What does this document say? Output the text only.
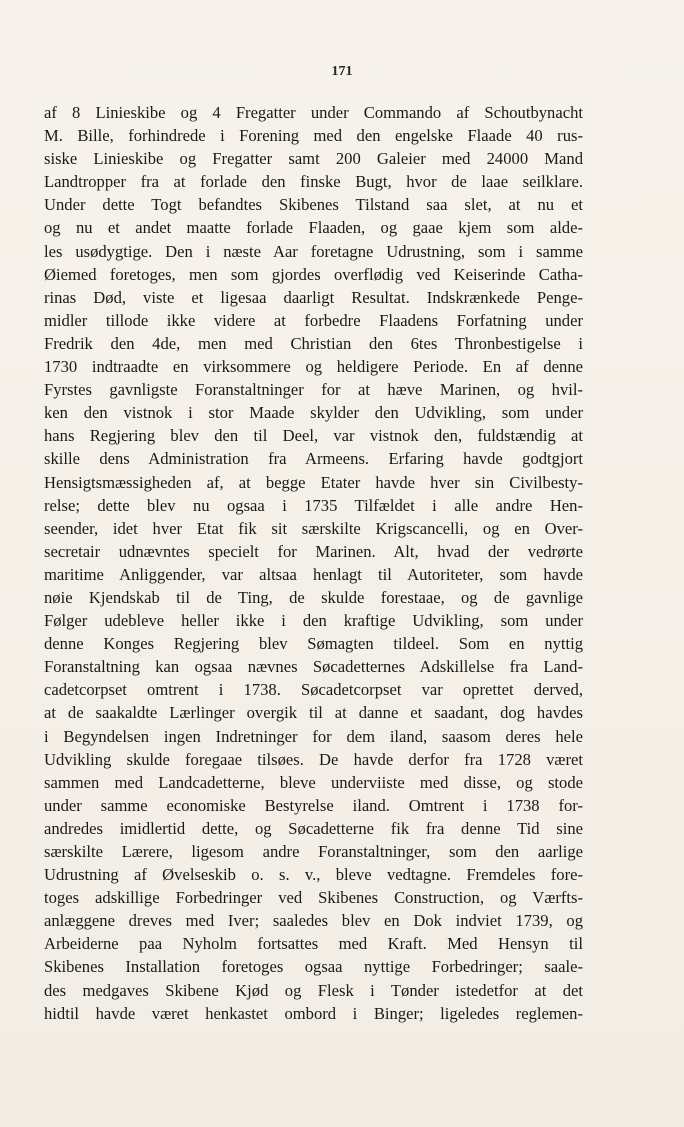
171
af 8 Linieskibe og 4 Fregatter under Commando af Schoutbynacht
M. Bille, forhindrede i Forening med den engelske Flaade 40 rus-
siske Linieskibe og Fregatter samt 200 Galeier med 24000 Mand
Landtropper fra at forlade den finske Bugt, hvor de laae seilklare.
Under dette Togt befandtes Skibenes Tilstand saa slet, at nu et
og nu et andet maatte forlade Flaaden, og gaae kjem som alde-
les usødygtige. Den i næste Aar foretagne Udrustning, som i samme
Øiemed foretoges, men som gjordes overflødig ved Keiserinde Catha-
rinas Død, viste et ligesaa daarligt Resultat. Indskrænkede Penge-
midler tillode ikke videre at forbedre Flaadens Forfatning under
Fredrik den 4de, men med Christian den 6tes Thronbestigelse i
1730 indtraadte en virksommere og heldigere Periode. En af denne
Fyrstes gavnligste Foranstaltninger for at hæve Marinen, og hvil-
ken den vistnok i stor Maade skylder den Udvikling, som under
hans Regjering blev den til Deel, var vistnok den, fuldstændig at
skille dens Administration fra Armeens. Erfaring havde godtgjort
Hensigtsmæssigheden af, at begge Etater havde hver sin Civilbesty-
relse; dette blev nu ogsaa i 1735 Tilfældet i alle andre Hen-
seender, idet hver Etat fik sit særskilte Krigscancelli, og en Over-
secretair udnævntes specielt for Marinen. Alt, hvad der vedrørte
maritime Anliggender, var altsaa henlagt til Autoriteter, som havde
nøie Kjendskab til de Ting, de skulde forestaae, og de gavnlige
Følger udebleve heller ikke i den kraftige Udvikling, som under
denne Konges Regjering blev Sømagten tildeel. Som en nyttig
Foranstaltning kan ogsaa nævnes Søcadetternes Adskillelse fra Land-
cadetcorpset omtrent i 1738. Søcadetcorpset var oprettet derved,
at de saakaldte Lærlinger overgik til at danne et saadant, dog havdes
i Begyndelsen ingen Indretninger for dem iland, saasom deres hele
Udvikling skulde foregaae tilsøes. De havde derfor fra 1728 været
sammen med Landcadetterne, bleve underviiste med disse, og stode
under samme economiske Bestyrelse iland. Omtrent i 1738 for-
andredes imidlertid dette, og Søcadetterne fik fra denne Tid sine
særskilte Lærere, ligesom andre Foranstaltninger, som den aarlige
Udrustning af Øvelseskib o. s. v., bleve vedtagne. Fremdeles fore-
toges adskillige Forbedringer ved Skibenes Construction, og Værfts-
anlæggene dreves med Iver; saaledes blev en Dok indviet 1739, og
Arbeiderne paa Nyholm fortsattes med Kraft. Med Hensyn til
Skibenes Installation foretoges ogsaa nyttige Forbedringer; saale-
des medgaves Skibene Kjød og Flesk i Tønder istedetfor at det
hidtil havde været henkastet ombord i Binger; ligeledes reglemen-
